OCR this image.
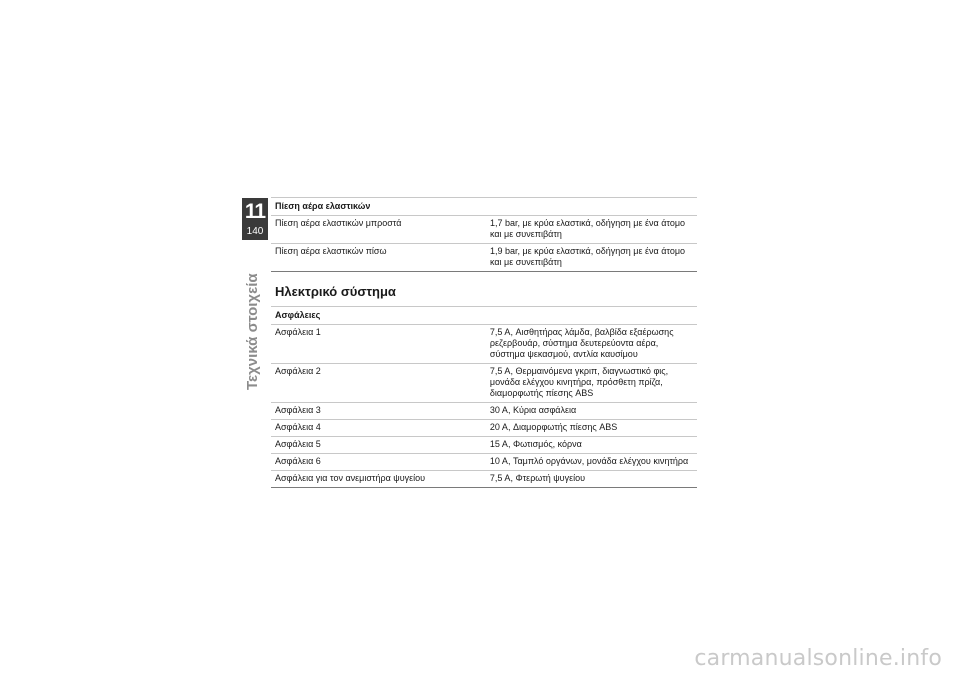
11
140
Τεχνικά στοιχεία
Πίεση αέρα ελαστικών	
Πίεση αέρα ελαστικών μπροστά	1,7 bar, με κρύα ελαστικά, οδήγηση με ένα άτομο και με συνεπιβάτη
Πίεση αέρα ελαστικών πίσω	1,9 bar, με κρύα ελαστικά, οδήγηση με ένα άτομο και με συνεπιβάτη
Ηλεκτρικό σύστημα
Ασφάλειες	
Ασφάλεια 1	7,5 A, Αισθητήρας λάμδα, βαλβίδα εξαέρωσης ρεζερβουάρ, σύστημα δευτερεύοντα αέρα, σύστημα ψεκασμού, αντλία καυσίμου
Ασφάλεια 2	7,5 A, Θερμαινόμενα γκριπ, διαγνωστικό φις, μονάδα ελέγχου κινητήρα, πρόσθετη πρίζα, διαμορφωτής πίεσης ABS
Ασφάλεια 3	30 A, Κύρια ασφάλεια
Ασφάλεια 4	20 A, Διαμορφωτής πίεσης ABS
Ασφάλεια 5	15 A, Φωτισμός, κόρνα
Ασφάλεια 6	10 A, Ταμπλό οργάνων, μονάδα ελέγχου κινητήρα
Ασφάλεια για τον ανεμιστήρα ψυγείου	7,5 A, Φτερωτή ψυγείου
carmanualsonline.info
